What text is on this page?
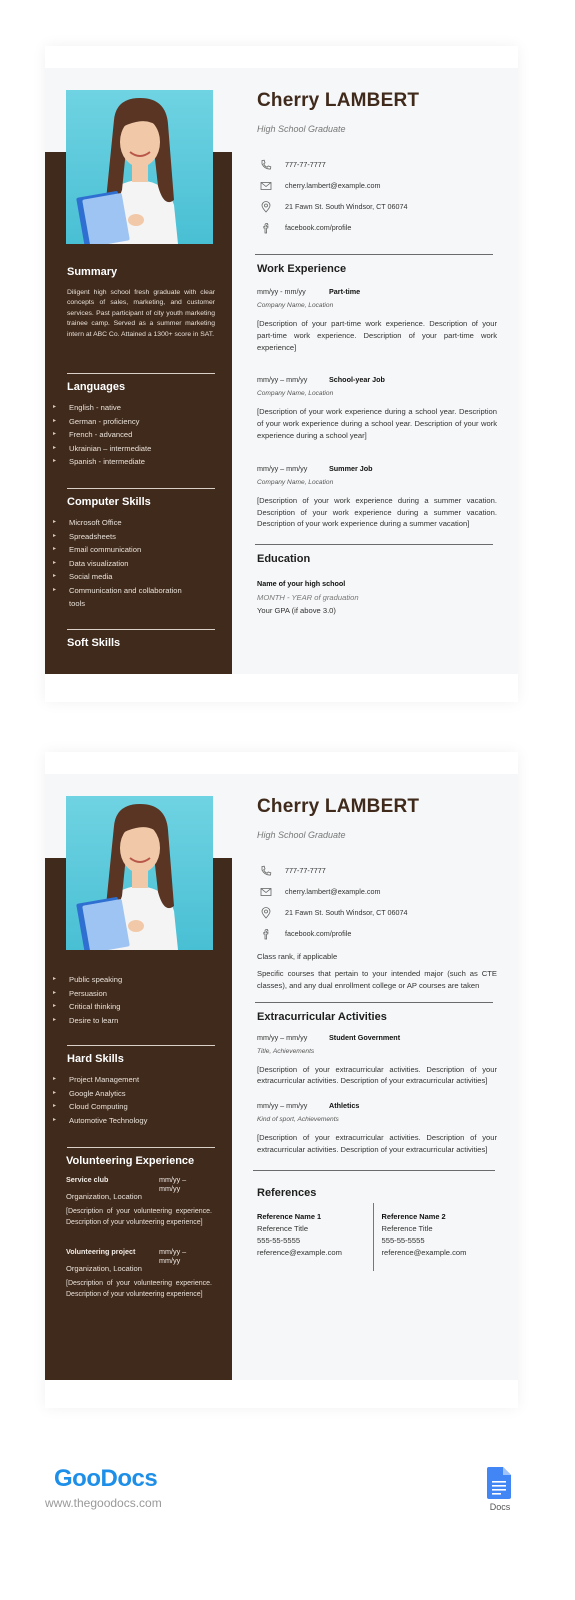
Summary
Diligent high school fresh graduate with clear concepts of sales, marketing, and customer services. Past participant of city youth marketing trainee camp. Served as a summer marketing intern at ABC Co. Attained a 1300+ score in SAT.
Languages
▸ English - native
▸ German - proficiency
▸ French - advanced
▸ Ukrainian – intermediate
▸ Spanish - intermediate
Computer Skills
▸ Microsoft Office
▸ Spreadsheets
▸ Email communication
▸ Data visualization
▸ Social media
▸ Communication and collaboration tools
Soft Skills
Cherry LAMBERT
High School Graduate
777-77-7777
cherry.lambert@example.com
21 Fawn St. South Windsor, CT 06074
facebook.com/profile
Work Experience
mm/yy - mm/yy	Part-time
Company Name, Location
[Description of your part-time work experience. Description of your part-time work experience. Description of your part-time work experience]
mm/yy – mm/yy	School-year Job
Company Name, Location
[Description of your work experience during a school year. Description of your work experience during a school year. Description of your work experience during a school year]
mm/yy – mm/yy	Summer Job
Company Name, Location
[Description of your work experience during a summer vacation. Description of your work experience during a summer vacation. Description of your work experience during a summer vacation]
Education
Name of your high school
MONTH - YEAR of graduation
Your GPA (if above 3.0)
▸ Public speaking
▸ Persuasion
▸ Critical thinking
▸ Desire to learn
Hard Skills
▸ Project Management
▸ Google Analytics
▸ Cloud Computing
▸ Automotive Technology
Volunteering Experience
Service club	mm/yy – mm/yy
Organization, Location
[Description of your volunteering experience. Description of your volunteering experience]
Volunteering project	mm/yy – mm/yy
Organization, Location
[Description of your volunteering experience. Description of your volunteering experience]
Cherry LAMBERT
High School Graduate
777-77-7777
cherry.lambert@example.com
21 Fawn St. South Windsor, CT 06074
facebook.com/profile
Class rank, if applicable
Specific courses that pertain to your intended major (such as CTE classes), and any dual enrollment college or AP courses are taken
Extracurricular Activities
mm/yy – mm/yy	Student Government
Title, Achievements
[Description of your extracurricular activities. Description of your extracurricular activities. Description of your extracurricular activities]
mm/yy – mm/yy	Athletics
Kind of sport, Achievements
[Description of your extracurricular activities. Description of your extracurricular activities. Description of your extracurricular activities]
References
Reference Name 1
Reference Title
555-55-5555
reference@example.com
Reference Name 2
Reference Title
555-55-5555
reference@example.com
GooDocs
www.thegoodocs.com	Docs
